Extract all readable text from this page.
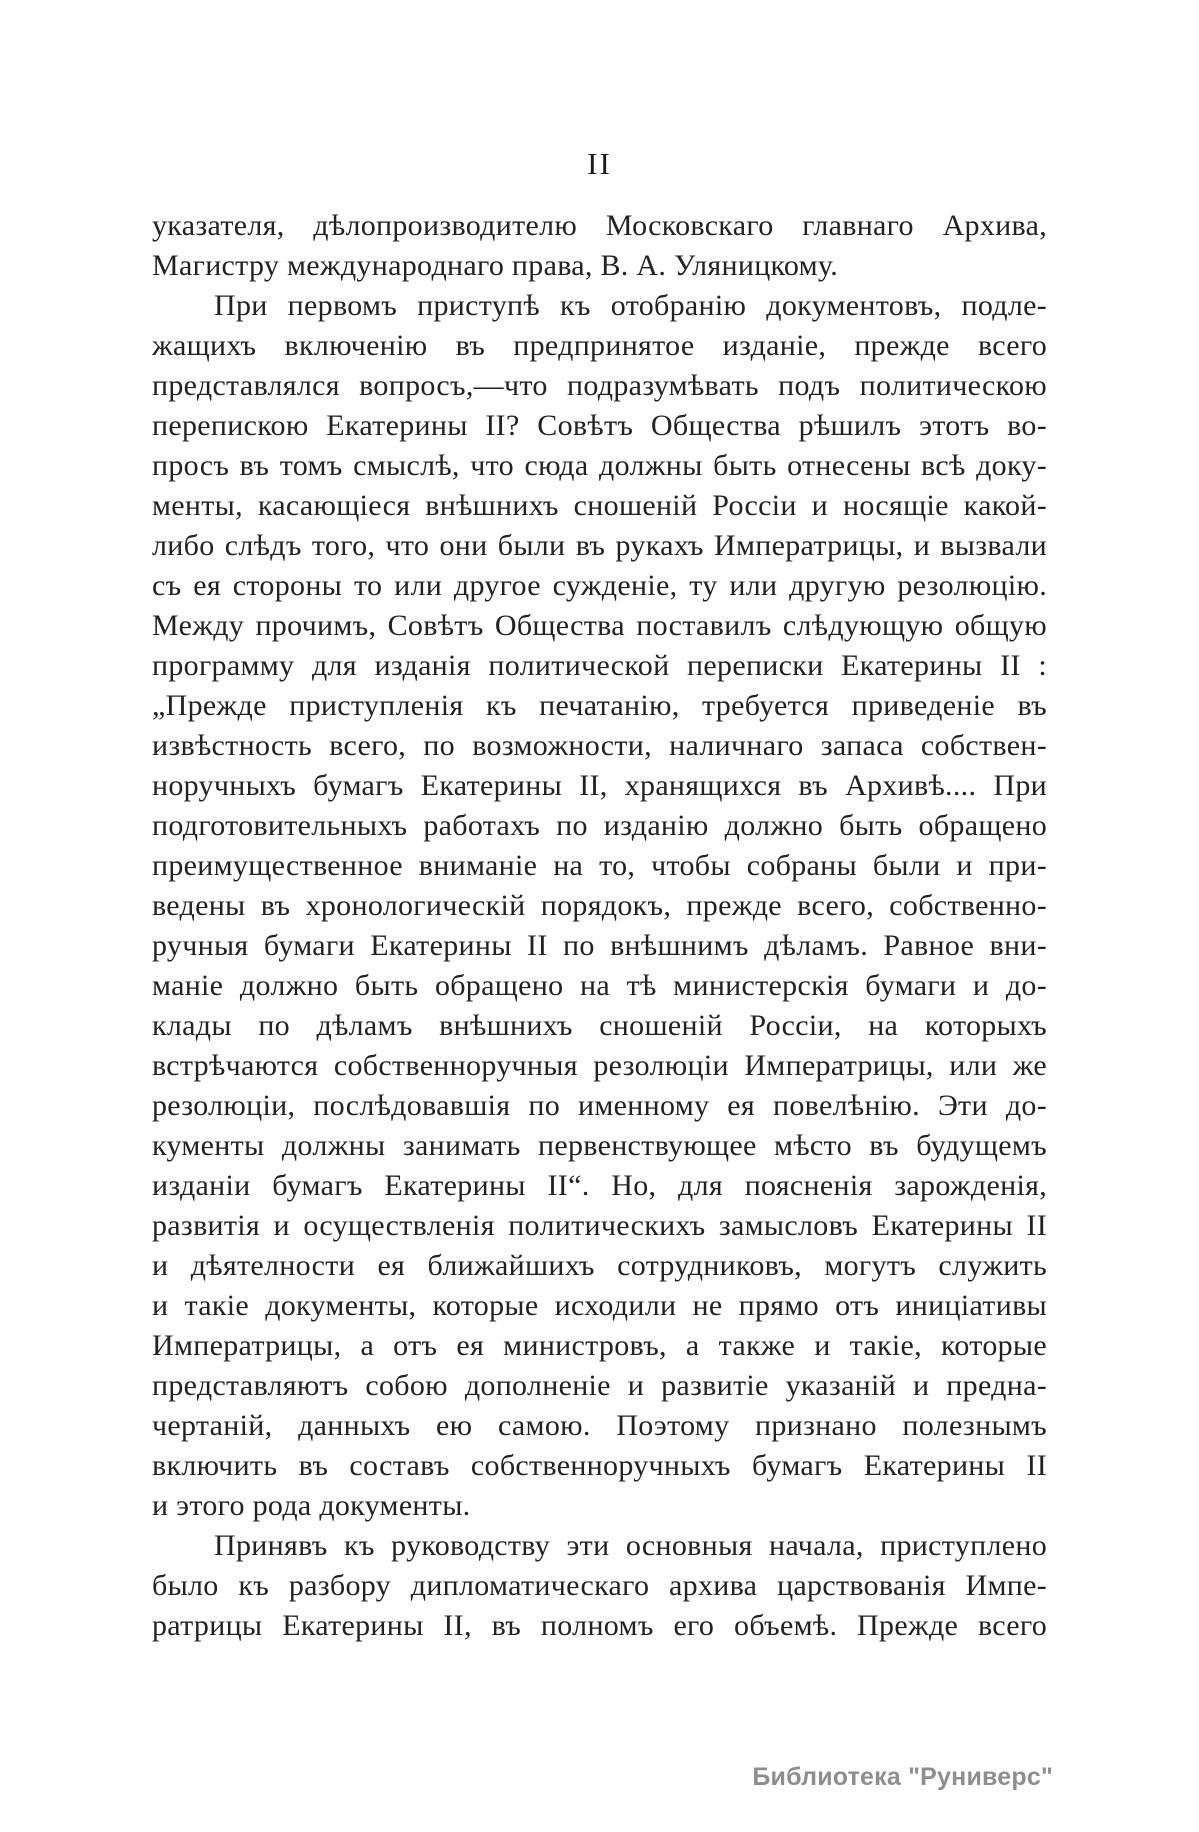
II
указателя, дѣлопроизводителю Московскаго главнаго Архива,
Магистру международнаго права, В. А. Уляницкому.
При первомъ приступѣ къ отобранію документовъ, подле-
жащихъ включенію въ предпринятое изданіе, прежде всего
представлялся вопросъ,—что подразумѣвать подъ политическою
перепискою Екатерины II? Совѣтъ Общества рѣшилъ этотъ во-
просъ въ томъ смыслѣ, что сюда должны быть отнесены всѣ доку-
менты, касающіеся внѣшнихъ сношеній Россіи и носящіе какой-
либо слѣдъ того, что они были въ рукахъ Императрицы, и вызвали
съ ея стороны то или другое сужденіе, ту или другую резолюцію.
Между прочимъ, Совѣтъ Общества поставилъ слѣдующую общую
программу для изданія политической переписки Екатерины II :
„Прежде приступленія къ печатанію, требуется приведеніе въ
извѣстность всего, по возможности, наличнаго запаса собствен-
норучныхъ бумагъ Екатерины II, хранящихся въ Архивѣ.... При
подготовительныхъ работахъ по изданію должно быть обращено
преимущественное вниманіе на то, чтобы собраны были и при-
ведены въ хронологическій порядокъ, прежде всего, собственно-
ручныя бумаги Екатерины II по внѣшнимъ дѣламъ. Равное вни-
маніе должно быть обращено на тѣ министерскія бумаги и до-
клады по дѣламъ внѣшнихъ сношеній Россіи, на которыхъ
встрѣчаются собственноручныя резолюціи Императрицы, или же
резолюціи, послѣдовавшія по именному ея повелѣнію. Эти до-
кументы должны занимать первенствующее мѣсто въ будущемъ
изданіи бумагъ Екатерины II“. Но, для поясненія зарожденія,
развитія и осуществленія политическихъ замысловъ Екатерины II
и дѣятелности ея ближайшихъ сотрудниковъ, могутъ служить
и такіе документы, которые исходили не прямо отъ иниціативы
Императрицы, а отъ ея министровъ, а также и такіе, которые
представляютъ собою дополненіе и развитіе указаній и предна-
чертаній, данныхъ ею самою. Поэтому признано полезнымъ
включить въ составъ собственноручныхъ бумагъ Екатерины II
и этого рода документы.
Принявъ къ руководству эти основныя начала, приступлено
было къ разбору дипломатическаго архива царствованія Импе-
ратрицы Екатерины II, въ полномъ его объемѣ. Прежде всего
Библиотека "Руниверс"
